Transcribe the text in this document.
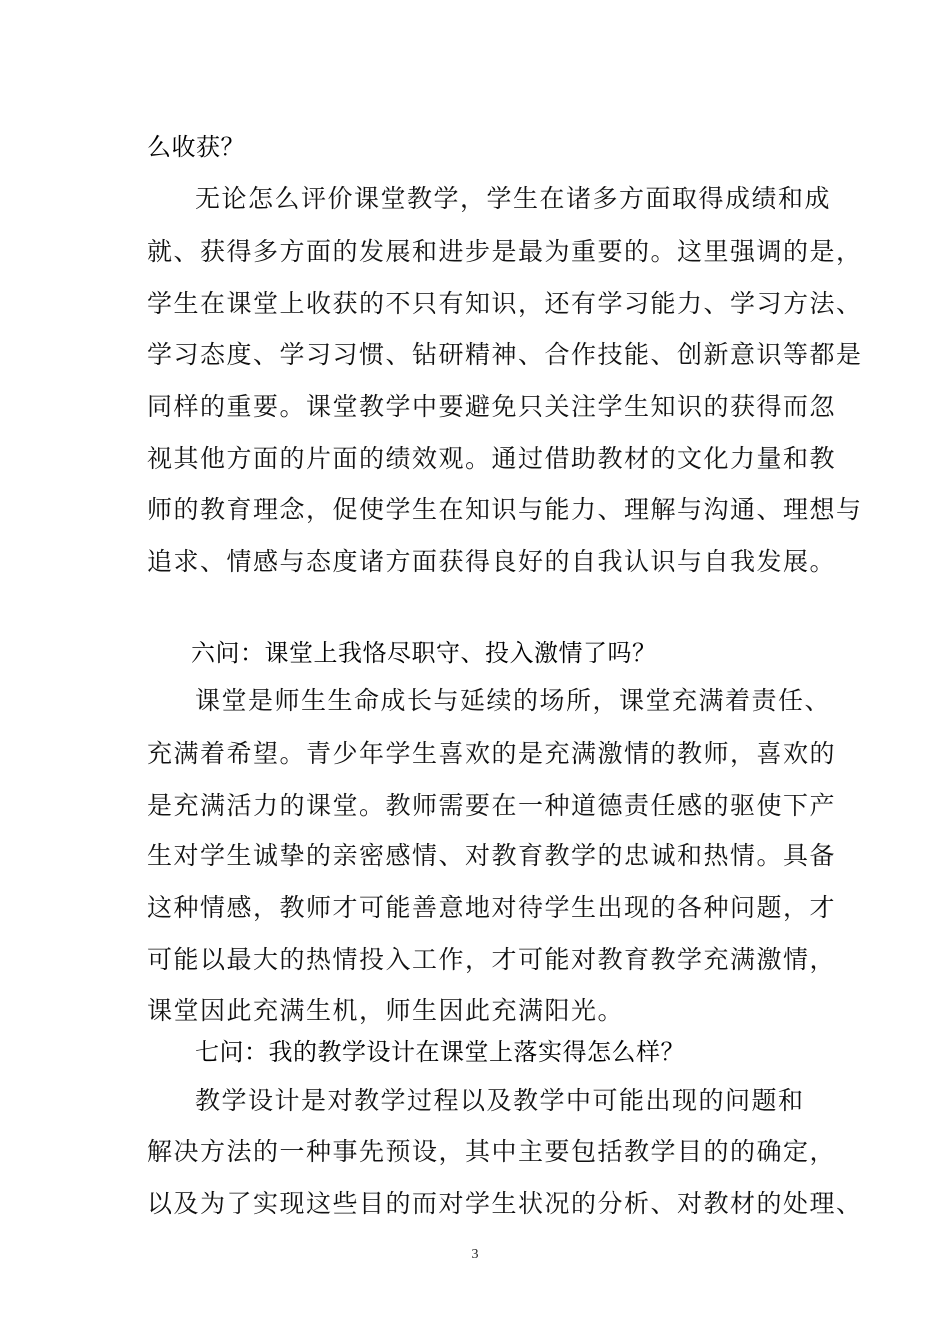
么收获？
无论怎么评价课堂教学，学生在诸多方面取得成绩和成
就、获得多方面的发展和进步是最为重要的。这里强调的是，
学生在课堂上收获的不只有知识，还有学习能力、学习方法、
学习态度、学习习惯、钻研精神、合作技能、创新意识等都是
同样的重要。课堂教学中要避免只关注学生知识的获得而忽
视其他方面的片面的绩效观。通过借助教材的文化力量和教
师的教育理念，促使学生在知识与能力、理解与沟通、理想与
追求、情感与态度诸方面获得良好的自我认识与自我发展。
六问：课堂上我恪尽职守、投入激情了吗？
课堂是师生生命成长与延续的场所，课堂充满着责任、
充满着希望。青少年学生喜欢的是充满激情的教师，喜欢的
是充满活力的课堂。教师需要在一种道德责任感的驱使下产
生对学生诚挚的亲密感情、对教育教学的忠诚和热情。具备
这种情感，教师才可能善意地对待学生出现的各种问题，才
可能以最大的热情投入工作，才可能对教育教学充满激情，
课堂因此充满生机，师生因此充满阳光。
七问：我的教学设计在课堂上落实得怎么样？
教学设计是对教学过程以及教学中可能出现的问题和
解决方法的一种事先预设，其中主要包括教学目的的确定，
以及为了实现这些目的而对学生状况的分析、对教材的处理、
3
